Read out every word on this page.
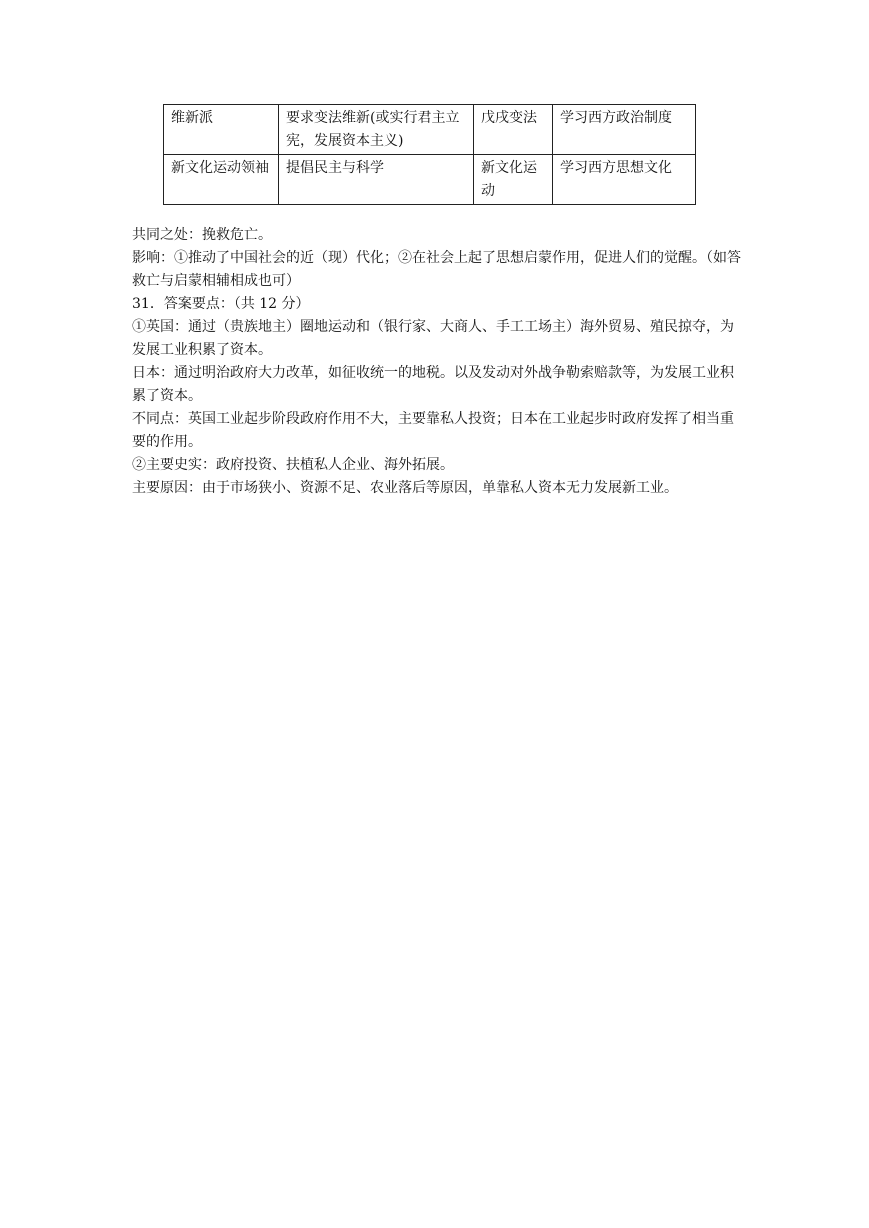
维新派	要求变法维新(或实行君主立宪，发展资本主义)	戊戌变法	学习西方政治制度
新文化运动领袖	提倡民主与科学	新文化运动	学习西方思想文化

共同之处：挽救危亡。

影响：①推动了中国社会的近（现）代化；②在社会上起了思想启蒙作用，促进人们的觉醒。（如答救亡与启蒙相辅相成也可）

31．答案要点：（共 12 分）

①英国：通过（贵族地主）圈地运动和（银行家、大商人、手工工场主）海外贸易、殖民掠夺，为发展工业积累了资本。

日本：通过明治政府大力改革，如征收统一的地税。以及发动对外战争勒索赔款等，为发展工业积累了资本。

不同点：英国工业起步阶段政府作用不大，主要靠私人投资；日本在工业起步时政府发挥了相当重要的作用。

②主要史实：政府投资、扶植私人企业、海外拓展。

主要原因：由于市场狭小、资源不足、农业落后等原因，单靠私人资本无力发展新工业。
